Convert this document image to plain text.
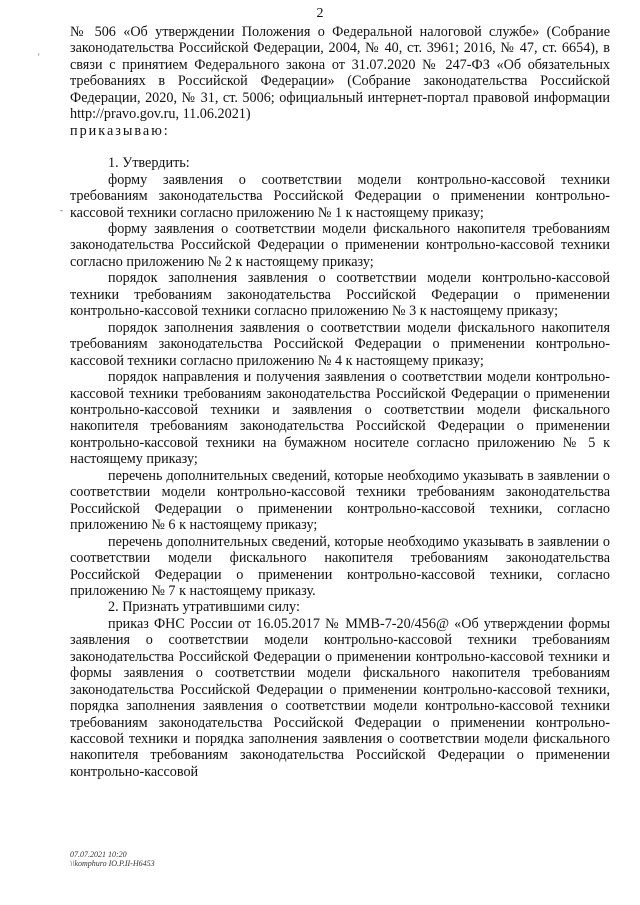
2
'
-

№ 506 «Об утверждении Положения о Федеральной налоговой службе» (Собрание законодательства Российской Федерации, 2004, № 40, ст. 3961; 2016, № 47, ст. 6654), в связи с принятием Федерального закона от 31.07.2020 № 247-ФЗ «Об обязательных требованиях в Российской Федерации» (Собрание законодательства Российской Федерации, 2020, № 31, ст. 5006; официальный интернет-портал правовой информации http://pravo.gov.ru, 11.06.2021)

приказываю:

1. Утвердить:

форму заявления о соответствии модели контрольно-кассовой техники требованиям законодательства Российской Федерации о применении контрольно-кассовой техники согласно приложению № 1 к настоящему приказу;

форму заявления о соответствии модели фискального накопителя требованиям законодательства Российской Федерации о применении контрольно-кассовой техники согласно приложению № 2 к настоящему приказу;

порядок заполнения заявления о соответствии модели контрольно-кассовой техники требованиям законодательства Российской Федерации о применении контрольно-кассовой техники согласно приложению № 3 к настоящему приказу;

порядок заполнения заявления о соответствии модели фискального накопителя требованиям законодательства Российской Федерации о применении контрольно-кассовой техники согласно приложению № 4 к настоящему приказу;

порядок направления и получения заявления о соответствии модели контрольно-кассовой техники требованиям законодательства Российской Федерации о применении контрольно-кассовой техники и заявления о соответствии модели фискального накопителя требованиям законодательства Российской Федерации о применении контрольно-кассовой техники на бумажном носителе согласно приложению № 5 к настоящему приказу;

перечень дополнительных сведений, которые необходимо указывать в заявлении о соответствии модели контрольно-кассовой техники требованиям законодательства Российской Федерации о применении контрольно-кассовой техники, согласно приложению № 6 к настоящему приказу;

перечень дополнительных сведений, которые необходимо указывать в заявлении о соответствии модели фискального накопителя требованиям законодательства Российской Федерации о применении контрольно-кассовой техники, согласно приложению № 7 к настоящему приказу.

2. Признать утратившими силу:

приказ ФНС России от 16.05.2017 № ММВ-7-20/456@ «Об утверждении формы заявления о соответствии модели контрольно-кассовой техники требованиям законодательства Российской Федерации о применении контрольно-кассовой техники и формы заявления о соответствии модели фискального накопителя требованиям законодательства Российской Федерации о применении контрольно-кассовой техники, порядка заполнения заявления о соответствии модели контрольно-кассовой техники требованиям законодательства Российской Федерации о применении контрольно-кассовой техники и порядка заполнения заявления о соответствии модели фискального накопителя требованиям законодательства Российской Федерации о применении контрольно-кассовой

07.07.2021 10:20
\\komphuro IO.P.II-H6453
